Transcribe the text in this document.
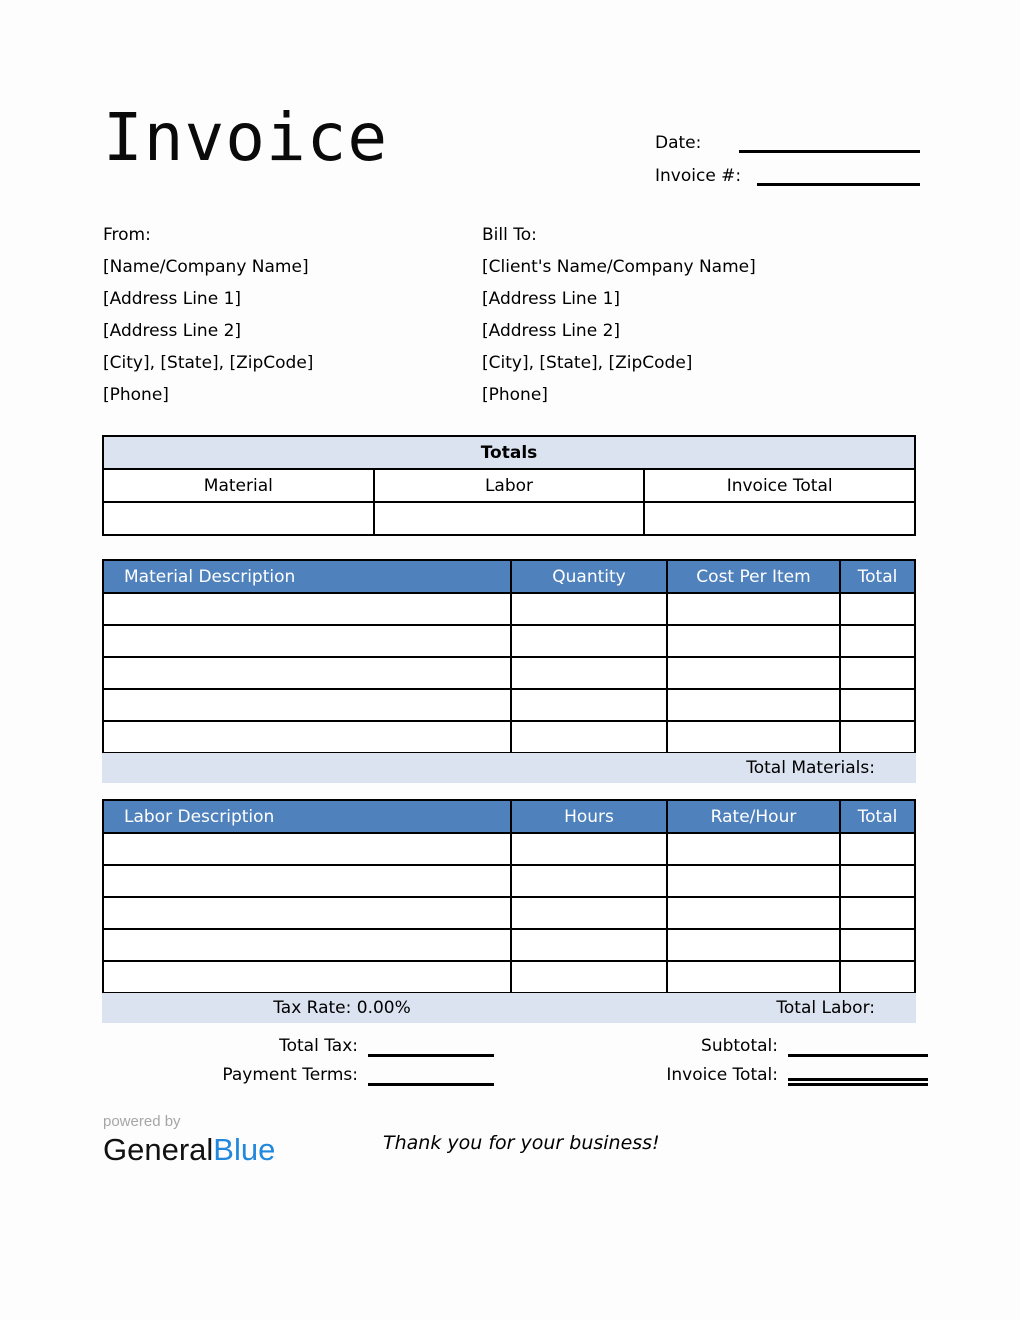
Invoice	Date:
Invoice #:
From:
[Name/Company Name]
[Address Line 1]
[Address Line 2]
[City], [State], [ZipCode]
[Phone]
Bill To:
[Client's Name/Company Name]
[Address Line 1]
[Address Line 2]
[City], [State], [ZipCode]
[Phone]
Totals		
Material	Labor	Invoice Total

Material Description	Quantity	Cost Per Item	Total

Total Materials:
Labor Description	Hours	Rate/Hour	Total

Tax Rate: 0.00%	Total Labor:
Total Tax:
Payment Terms:
Subtotal:
Invoice Total:
powered by
GeneralBlue	Thank you for your business!
